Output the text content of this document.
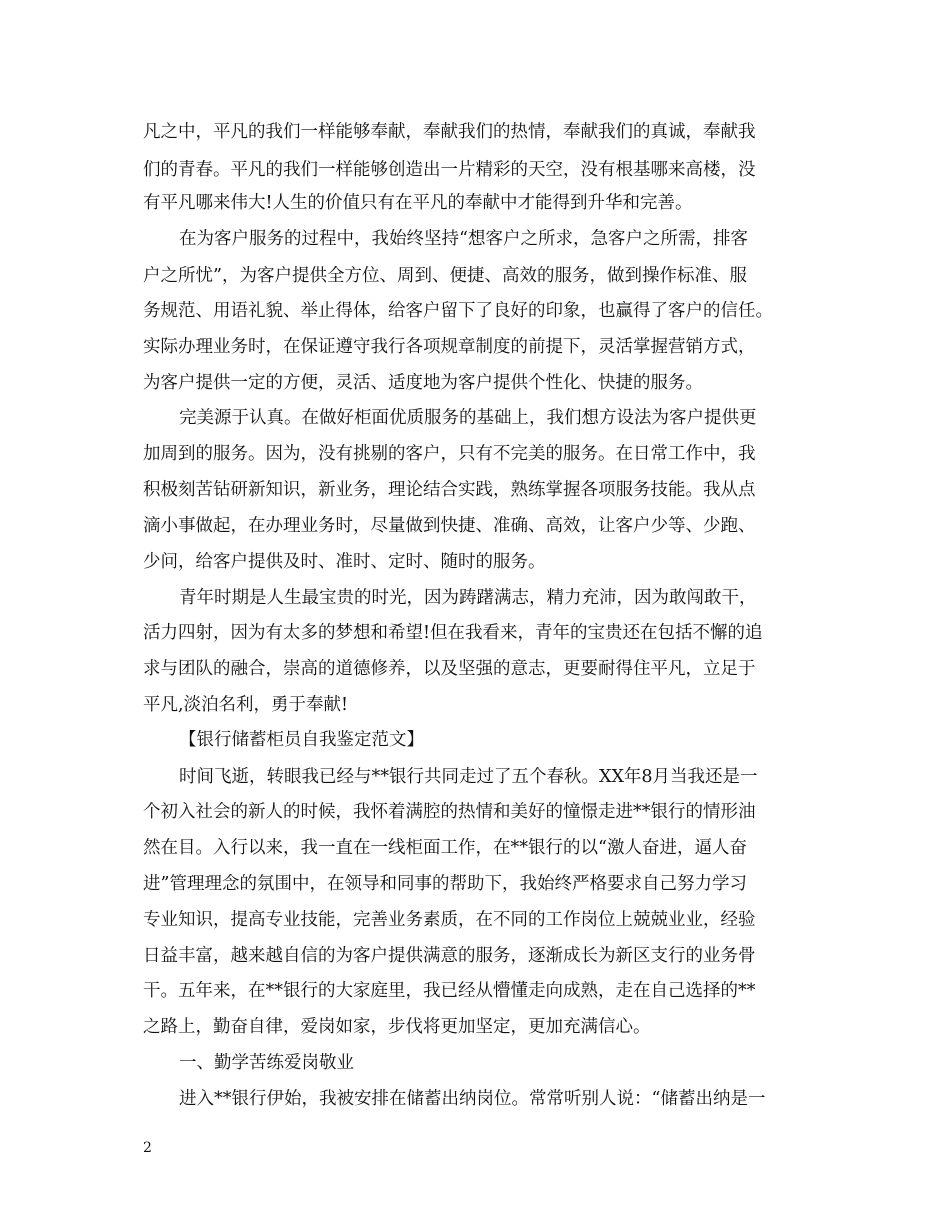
凡之中，平凡的我们一样能够奉献，奉献我们的热情，奉献我们的真诚，奉献我
们的青春。平凡的我们一样能够创造出一片精彩的天空，没有根基哪来高楼，没
有平凡哪来伟大!人生的价值只有在平凡的奉献中才能得到升华和完善。
在为客户服务的过程中，我始终坚持“想客户之所求，急客户之所需，排客
户之所忧”，为客户提供全方位、周到、便捷、高效的服务，做到操作标准、服
务规范、用语礼貌、举止得体，给客户留下了良好的印象，也赢得了客户的信任。
实际办理业务时，在保证遵守我行各项规章制度的前提下，灵活掌握营销方式，
为客户提供一定的方便，灵活、适度地为客户提供个性化、快捷的服务。
完美源于认真。在做好柜面优质服务的基础上，我们想方设法为客户提供更
加周到的服务。因为，没有挑剔的客户，只有不完美的服务。在日常工作中，我
积极刻苦钻研新知识，新业务，理论结合实践，熟练掌握各项服务技能。我从点
滴小事做起，在办理业务时，尽量做到快捷、准确、高效，让客户少等、少跑、
少问，给客户提供及时、准时、定时、随时的服务。
青年时期是人生最宝贵的时光，因为踌躇满志，精力充沛，因为敢闯敢干，
活力四射，因为有太多的梦想和希望!但在我看来，青年的宝贵还在包括不懈的追
求与团队的融合，崇高的道德修养，以及坚强的意志，更要耐得住平凡，立足于
平凡,淡泊名利，勇于奉献!
【银行储蓄柜员自我鉴定范文】
时间飞逝，转眼我已经与**银行共同走过了五个春秋。XX年8月当我还是一
个初入社会的新人的时候，我怀着满腔的热情和美好的憧憬走进**银行的情形油
然在目。入行以来，我一直在一线柜面工作，在**银行的以“激人奋进，逼人奋
进”管理理念的氛围中，在领导和同事的帮助下，我始终严格要求自己努力学习
专业知识，提高专业技能，完善业务素质，在不同的工作岗位上兢兢业业，经验
日益丰富，越来越自信的为客户提供满意的服务，逐渐成长为新区支行的业务骨
干。五年来，在**银行的大家庭里，我已经从懵懂走向成熟，走在自己选择的**
之路上，勤奋自律，爱岗如家，步伐将更加坚定，更加充满信心。
一、勤学苦练爱岗敬业
进入**银行伊始，我被安排在储蓄出纳岗位。常常听别人说：“储蓄出纳是一
2
